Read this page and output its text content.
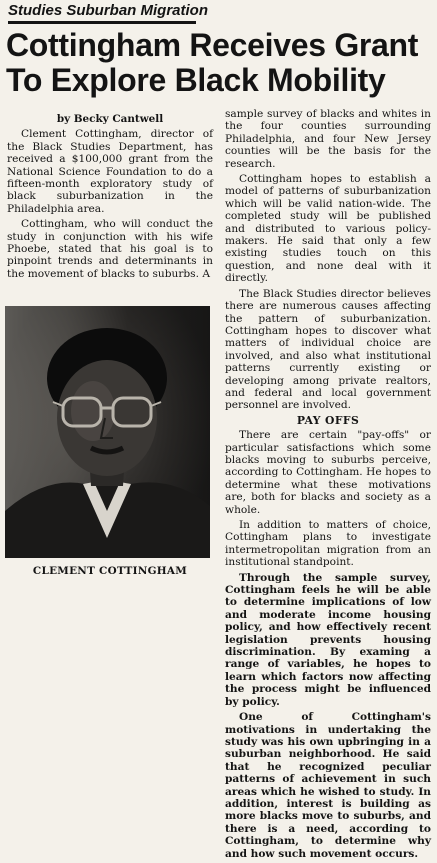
Studies Suburban Migration
Cottingham Receives Grant
To Explore Black Mobility
by Becky Cantwell

Clement Cottingham, director of the Black Studies Department, has received a $100,000 grant from the National Science Foundation to do a fifteen-month exploratory study of black suburbanization in the Philadelphia area.

Cottingham, who will conduct the study in conjunction with his wife Phoebe, stated that his goal is to pinpoint trends and determinants in the movement of blacks to suburbs. A

CLEMENT COTTINGHAM

sample survey of blacks and whites in the four counties surrounding Philadelphia, and four New Jersey counties will be the basis for the research.

Cottingham hopes to establish a model of patterns of suburbanization which will be valid nation-wide. The completed study will be published and distributed to various policy-makers. He said that only a few existing studies touch on this question, and none deal with it directly.

The Black Studies director believes there are numerous causes affecting the pattern of suburbanization. Cottingham hopes to discover what matters of individual choice are involved, and also what institutional patterns currently existing or developing among private realtors, and federal and local government personnel are involved.

PAY OFFS

There are certain "pay-offs" or particular satisfactions which some blacks moving to suburbs perceive, according to Cottingham. He hopes to determine what these motivations are, both for blacks and society as a whole.

In addition to matters of choice, Cottingham plans to investigate intermetropolitan migration from an institutional standpoint.

Through the sample survey, Cottingham feels he will be able to determine implications of low and moderate income housing policy, and how effectively recent legislation prevents housing discrimination. By examing a range of variables, he hopes to learn which factors now affecting the process might be influenced by policy.

One of Cottingham's motivations in undertaking the study was his own upbringing in a suburban neighborhood. He said that he recognized peculiar patterns of achievement in such areas which he wished to study. In addition, interest is building as more blacks move to suburbs, and there is a need, according to Cottingham, to determine why and how such movement occurs.
